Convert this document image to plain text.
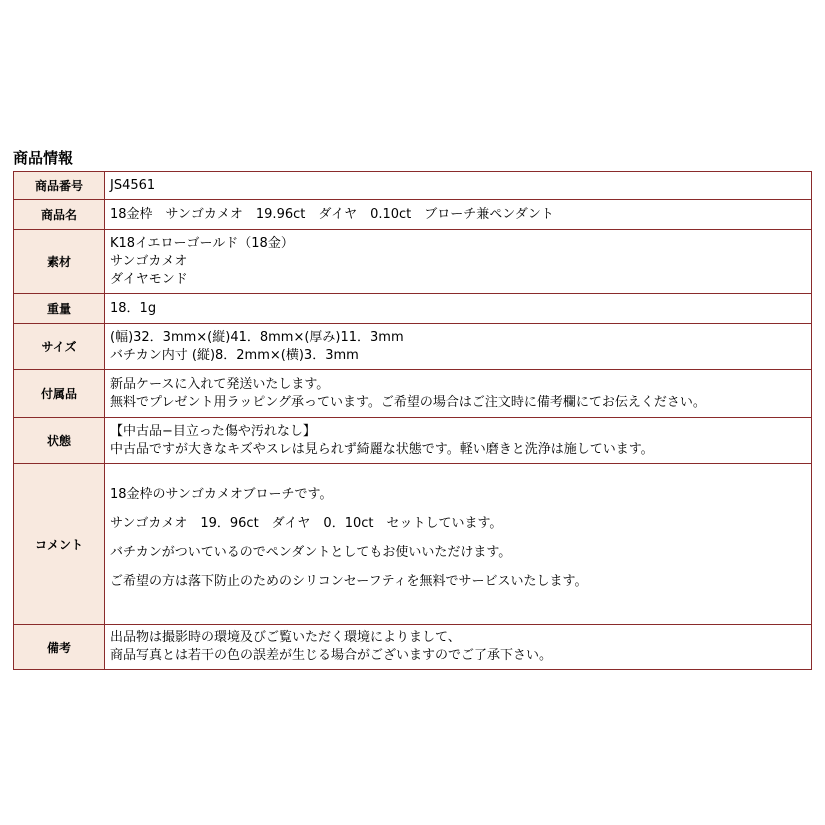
商品情報
商品番号	JS4561

商品名	18金枠　サンゴカメオ　19.96ct　ダイヤ　0.10ct　ブローチ兼ペンダント

素材	K18イエローゴールド（18金）
サンゴカメオ
ダイヤモンド

重量	18．1g

サイズ	(幅)32．3mm×(縦)41．8mm×(厚み)11．3mm
バチカン内寸 (縦)8．2mm×(横)3．3mm

付属品	新品ケースに入れて発送いたします。
無料でプレゼント用ラッピング承っています。ご希望の場合はご注文時に備考欄にてお伝えください。

状態	【中古品−目立った傷や汚れなし】
中古品ですが大きなキズやスレは見られず綺麗な状態です。軽い磨きと洗浄は施しています。

コメント	18金枠のサンゴカメオブローチです。
サンゴカメオ　19．96ct　ダイヤ　0．10ct　セットしています。
バチカンがついているのでペンダントとしてもお使いいただけます。
ご希望の方は落下防止のためのシリコンセーフティを無料でサービスいたします。

備考	出品物は撮影時の環境及びご覧いただく環境によりまして、
商品写真とは若干の色の誤差が生じる場合がございますのでご了承下さい。
